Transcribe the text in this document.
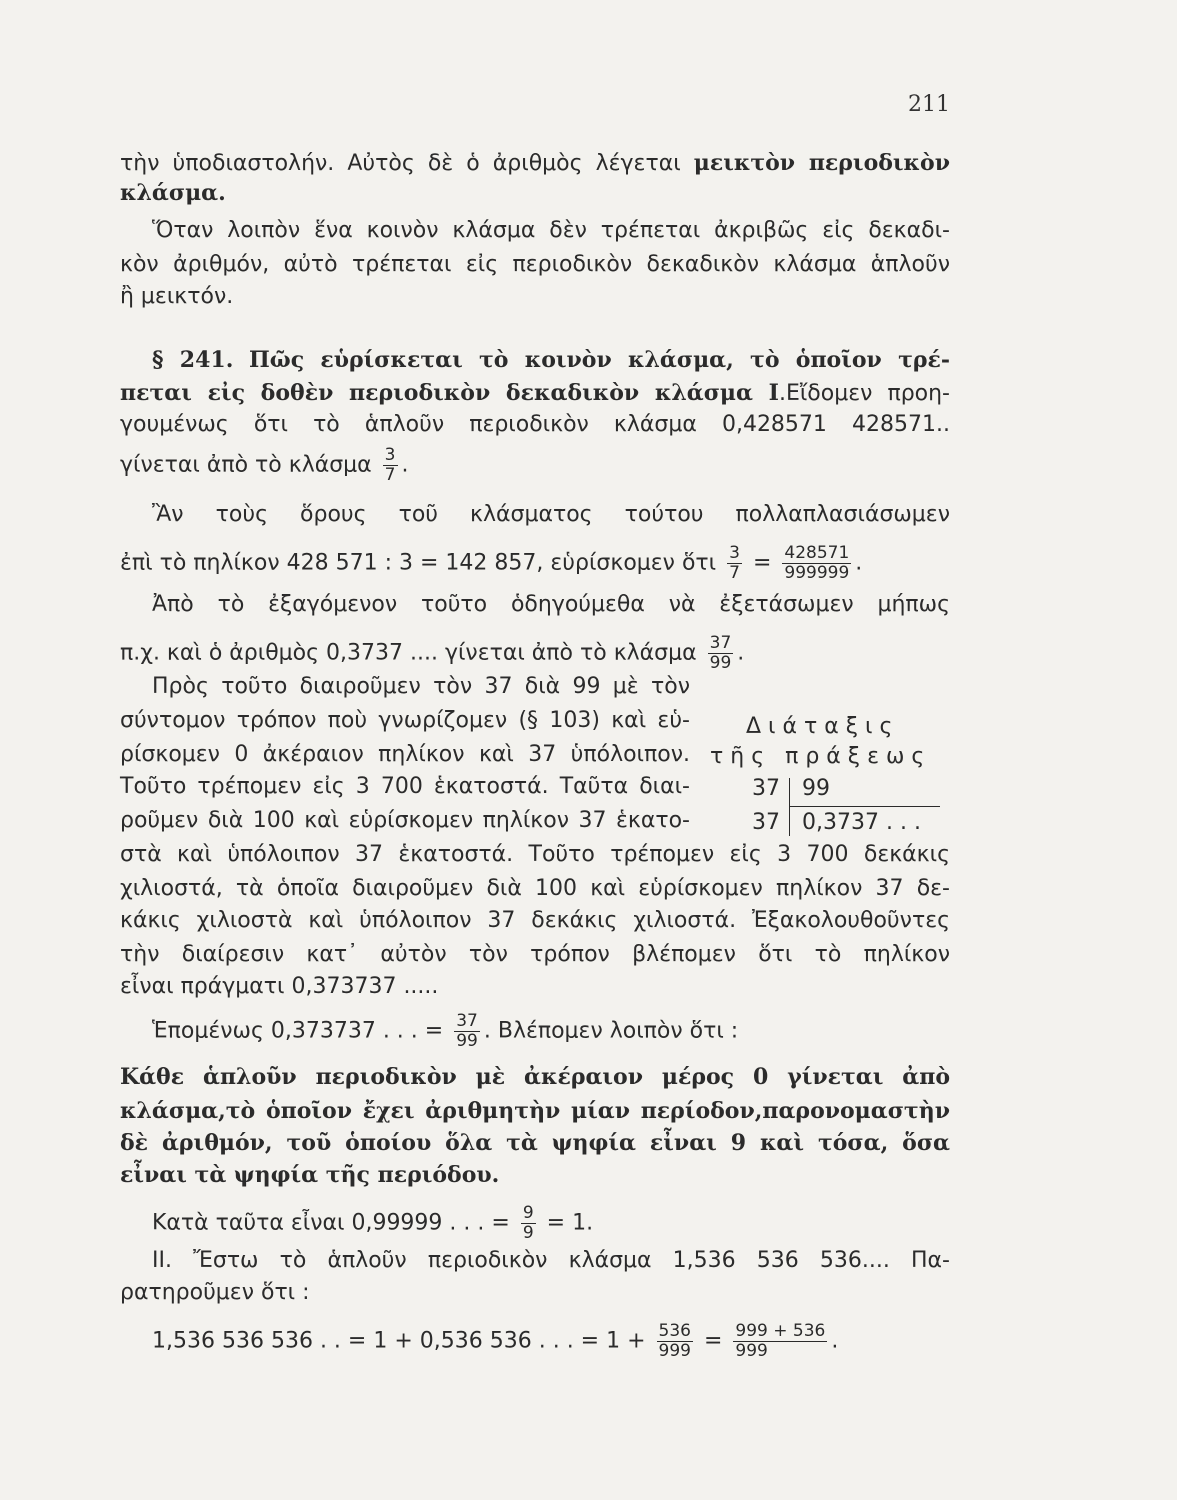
211
τὴν ὑποδιαστολήν. Αὐτὸς δὲ ὁ ἀριθμὸς λέγεται μεικτὸν περιοδικὸν
κλάσμα.
Ὅταν λοιπὸν ἕνα κοινὸν κλάσμα δὲν τρέπεται ἀκριβῶς εἰς δεκαδι-
κὸν ἀριθμόν, αὐτὸ τρέπεται εἰς περιοδικὸν δεκαδικὸν κλάσμα ἁπλοῦν
ἢ μεικτόν.
§ 241. Πῶς εὑρίσκεται τὸ κοινὸν κλάσμα, τὸ ὁποῖον τρέ-
πεται εἰς δοθὲν περιοδικὸν δεκαδικὸν κλάσμα I.Εἴδομεν προη-
γουμένως ὅτι τὸ ἁπλοῦν περιοδικὸν κλάσμα 0,428571 428571..
γίνεται ἀπὸ τὸ κλάσμα $\frac{3}{7}$ .
Ἂν τοὺς ὅρους τοῦ κλάσματος τούτου πολλαπλασιάσωμεν
ἐπὶ τὸ πηλίκον 428 571 : 3 = 142 857, εὑρίσκομεν ὅτι $\frac{3}{7} = \frac{428571}{999999}$ .
Ἀπὸ τὸ ἐξαγόμενον τοῦτο ὁδηγούμεθα νὰ ἐξετάσωμεν μήπως
π.χ. καὶ ὁ ἀριθμὸς 0,3737 .... γίνεται ἀπὸ τὸ κλάσμα $\frac{37}{99}$ .
Πρὸς τοῦτο διαιροῦμεν τὸν 37 διὰ 99 μὲ τὸν
σύντομον τρόπον ποὺ γνωρίζομεν (§ 103) καὶ εὑ-
ρίσκομεν 0 ἀκέραιον πηλίκον καὶ 37 ὑπόλοιπον.
Τοῦτο τρέπομεν εἰς 3 700 ἑκατοστά. Ταῦτα διαι-
ροῦμεν διὰ 100 καὶ εὑρίσκομεν πηλίκον 37 ἑκατο-
Διάταξις
τῆς πράξεως
37 99
37 0,3737 . . .
στὰ καὶ ὑπόλοιπον 37 ἑκατοστά. Τοῦτο τρέπομεν εἰς 3 700 δεκάκις
χιλιοστά, τὰ ὁποῖα διαιροῦμεν διὰ 100 καὶ εὑρίσκομεν πηλίκον 37 δε-
κάκις χιλιοστὰ καὶ ὑπόλοιπον 37 δεκάκις χιλιοστά. Ἐξακολουθοῦντες
τὴν διαίρεσιν κατ᾽ αὐτὸν τὸν τρόπον βλέπομεν ὅτι τὸ πηλίκον
εἶναι πράγματι 0,373737 .....
Ἑπομένως 0,373737 . . . = $\frac{37}{99}$ . Βλέπομεν λοιπὸν ὅτι :
Κάθε ἁπλοῦν περιοδικὸν μὲ ἀκέραιον μέρος 0 γίνεται ἀπὸ
κλάσμα,τὸ ὁποῖον ἔχει ἀριθμητὴν μίαν περίοδον,παρονομαστὴν
δὲ ἀριθμόν, τοῦ ὁποίου ὅλα τὰ ψηφία εἶναι 9 καὶ τόσα, ὅσα
εἶναι τὰ ψηφία τῆς περιόδου.
Κατὰ ταῦτα εἶναι 0,99999 . . . = $\frac{9}{9} = 1$.
II. Ἔστω τὸ ἁπλοῦν περιοδικὸν κλάσμα 1,536 536 536.... Πα-
ρατηροῦμεν ὅτι :
1,536 536 536 . . = 1 + 0,536 536 . . . = $1 + \frac{536}{999} = \frac{999 + 536}{999}$ .
